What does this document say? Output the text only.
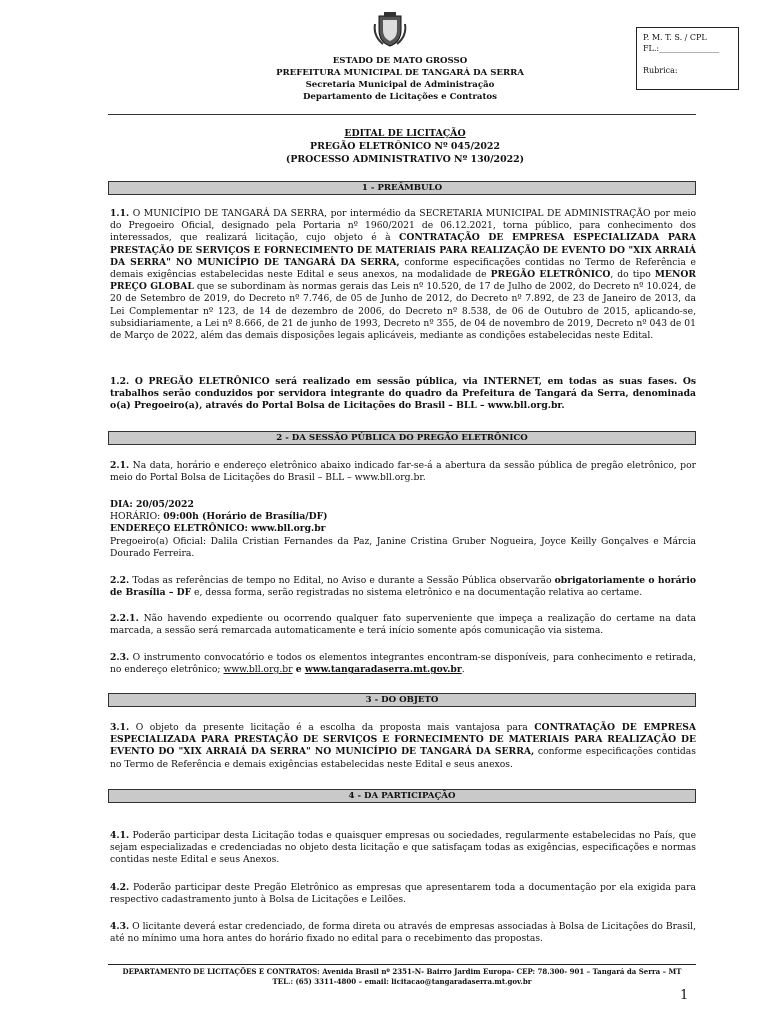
P. M. T. S. / CPL
FL.:_______________

Rubrica:
ESTADO DE MATO GROSSO
PREFEITURA MUNICIPAL DE TANGARÁ DA SERRA
Secretaria Municipal de Administração
Departamento de Licitações e Contratos
EDITAL DE LICITAÇÃO
PREGÃO ELETRÔNICO Nº 045/2022
(PROCESSO ADMINISTRATIVO Nº 130/2022)
1 - PREÂMBULO
1.1. O MUNICÍPIO DE TANGARÁ DA SERRA, por intermédio da SECRETARIA MUNICIPAL DE ADMINISTRAÇÃO por meio do Pregoeiro Oficial, designado pela Portaria nº 1960/2021 de 06.12.2021, torna público, para conhecimento dos interessados, que realizará licitação, cujo objeto é à CONTRATAÇÃO DE EMPRESA ESPECIALIZADA PARA PRESTAÇÃO DE SERVIÇOS E FORNECIMENTO DE MATERIAIS PARA REALIZAÇÃO DE EVENTO DO "XIX ARRAIÁ DA SERRA" NO MUNICÍPIO DE TANGARÁ DA SERRA, conforme especificações contidas no Termo de Referência e demais exigências estabelecidas neste Edital e seus anexos, na modalidade de PREGÃO ELETRÔNICO, do tipo MENOR PREÇO GLOBAL que se subordinam às normas gerais das Leis nº 10.520, de 17 de Julho de 2002, do Decreto nº 10.024, de 20 de Setembro de 2019, do Decreto nº 7.746, de 05 de Junho de 2012, do Decreto nº 7.892, de 23 de Janeiro de 2013, da Lei Complementar nº 123, de 14 de dezembro de 2006, do Decreto nº 8.538, de 06 de Outubro de 2015, aplicando-se, subsidiariamente, a Lei nº 8.666, de 21 de junho de 1993, Decreto nº 355, de 04 de novembro de 2019, Decreto nº 043 de 01 de Março de 2022, além das demais disposições legais aplicáveis, mediante as condições estabelecidas neste Edital.
1.2. O PREGÃO ELETRÔNICO será realizado em sessão pública, via INTERNET, em todas as suas fases. Os trabalhos serão conduzidos por servidora integrante do quadro da Prefeitura de Tangará da Serra, denominada o(a) Pregoeiro(a), através do Portal Bolsa de Licitações do Brasil – BLL – www.bll.org.br.
2 - DA SESSÃO PÚBLICA DO PREGÃO ELETRÔNICO
2.1. Na data, horário e endereço eletrônico abaixo indicado far-se-á a abertura da sessão pública de pregão eletrônico, por meio do Portal Bolsa de Licitações do Brasil – BLL – www.bll.org.br.
DIA: 20/05/2022
HORÁRIO: 09:00h (Horário de Brasília/DF)
ENDEREÇO ELETRÔNICO: www.bll.org.br
Pregoeiro(a) Oficial: Dalila Cristian Fernandes da Paz, Janine Cristina Gruber Nogueira, Joyce Keilly Gonçalves e Márcia Dourado Ferreira.
2.2. Todas as referências de tempo no Edital, no Aviso e durante a Sessão Pública observarão obrigatoriamente o horário de Brasília – DF e, dessa forma, serão registradas no sistema eletrônico e na documentação relativa ao certame.
2.2.1. Não havendo expediente ou ocorrendo qualquer fato superveniente que impeça a realização do certame na data marcada, a sessão será remarcada automaticamente e terá início somente após comunicação via sistema.
2.3. O instrumento convocatório e todos os elementos integrantes encontram-se disponíveis, para conhecimento e retirada, no endereço eletrônico; www.bll.org.br e www.tangaradaserra.mt.gov.br.
3 - DO OBJETO
3.1. O objeto da presente licitação é a escolha da proposta mais vantajosa para CONTRATAÇÃO DE EMPRESA ESPECIALIZADA PARA PRESTAÇÃO DE SERVIÇOS E FORNECIMENTO DE MATERIAIS PARA REALIZAÇÃO DE EVENTO DO "XIX ARRAIÁ DA SERRA" NO MUNICÍPIO DE TANGARÁ DA SERRA, conforme especificações contidas no Termo de Referência e demais exigências estabelecidas neste Edital e seus anexos.
4 - DA PARTICIPAÇÃO
4.1. Poderão participar desta Licitação todas e quaisquer empresas ou sociedades, regularmente estabelecidas no País, que sejam especializadas e credenciadas no objeto desta licitação e que satisfaçam todas as exigências, especificações e normas contidas neste Edital e seus Anexos.
4.2. Poderão participar deste Pregão Eletrônico as empresas que apresentarem toda a documentação por ela exigida para respectivo cadastramento junto à Bolsa de Licitações e Leilões.
4.3. O licitante deverá estar credenciado, de forma direta ou através de empresas associadas à Bolsa de Licitações do Brasil, até no mínimo uma hora antes do horário fixado no edital para o recebimento das propostas.
DEPARTAMENTO DE LICITAÇÕES E CONTRATOS: Avenida Brasil nº 2351-N- Bairro Jardim Europa- CEP: 78.300- 901 – Tangará da Serra – MT
TEL.: (65) 3311-4800 – email: licitacao@tangaradaserra.mt.gov.br
1
